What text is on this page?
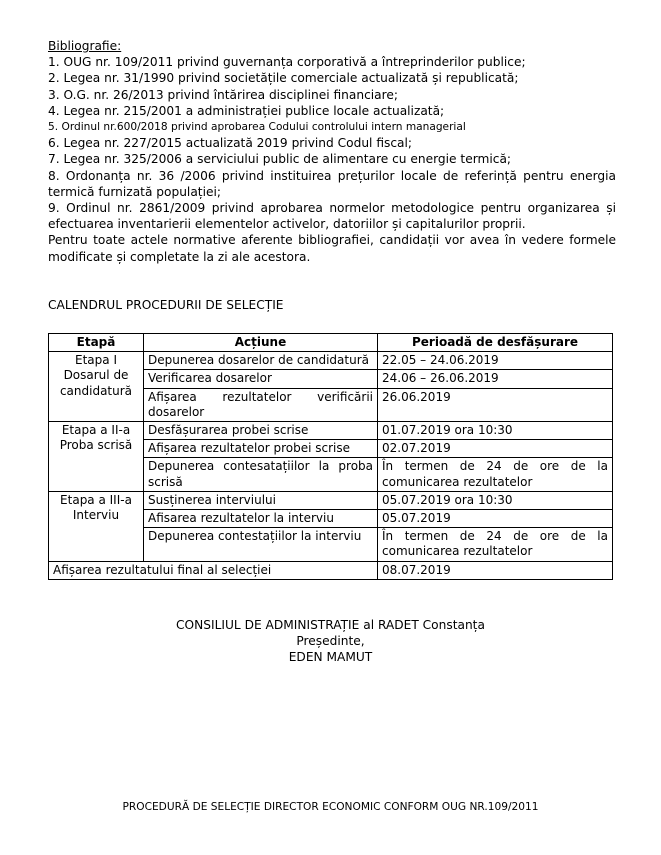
Bibliografie:
1. OUG nr. 109/2011 privind guvernanța corporativă a întreprinderilor publice;
2. Legea nr. 31/1990 privind societățile comerciale actualizată și republicată;
3. O.G. nr. 26/2013 privind întărirea disciplinei financiare;
4. Legea nr. 215/2001 a administrației publice locale actualizată;
5. Ordinul nr.600/2018 privind aprobarea Codului controlului intern managerial
6. Legea nr. 227/2015 actualizată 2019 privind Codul fiscal;
7. Legea nr. 325/2006 a serviciului public de alimentare cu energie termică;
8. Ordonanța nr. 36 /2006 privind instituirea prețurilor locale de referință pentru energia termică furnizată populației;
9. Ordinul nr. 2861/2009 privind aprobarea normelor metodologice pentru organizarea și efectuarea inventarierii elementelor activelor, datoriilor și capitalurilor proprii.
Pentru toate actele normative aferente bibliografiei, candidații vor avea în vedere formele modificate și completate la zi ale acestora.
CALENDRUL PROCEDURII DE SELECȚIE
Etapă	Acțiune	Perioadă de desfășurare
Etapa I Dosarul de candidatură	Depunerea dosarelor de candidatură	22.05 – 24.06.2019
	Verificarea dosarelor	24.06 – 26.06.2019
	Afișarea rezultatelor verificării dosarelor	26.06.2019
Etapa a II-a Proba scrisă	Desfășurarea probei scrise	01.07.2019 ora 10:30
	Afișarea rezultatelor probei scrise	02.07.2019
	Depunerea contesatațiilor la proba scrisă	În termen de 24 de ore de la comunicarea rezultatelor
Etapa a III-a Interviu	Susținerea interviului	05.07.2019 ora 10:30
	Afisarea rezultatelor la interviu	05.07.2019
	Depunerea contestațiilor la interviu	În termen de 24 de ore de la comunicarea rezultatelor
Afișarea rezultatului final al selecției		08.07.2019
CONSILIUL DE ADMINISTRAȚIE al RADET Constanța
Președinte,
EDEN MAMUT
PROCEDURĂ DE SELECȚIE DIRECTOR ECONOMIC CONFORM OUG NR.109/2011
